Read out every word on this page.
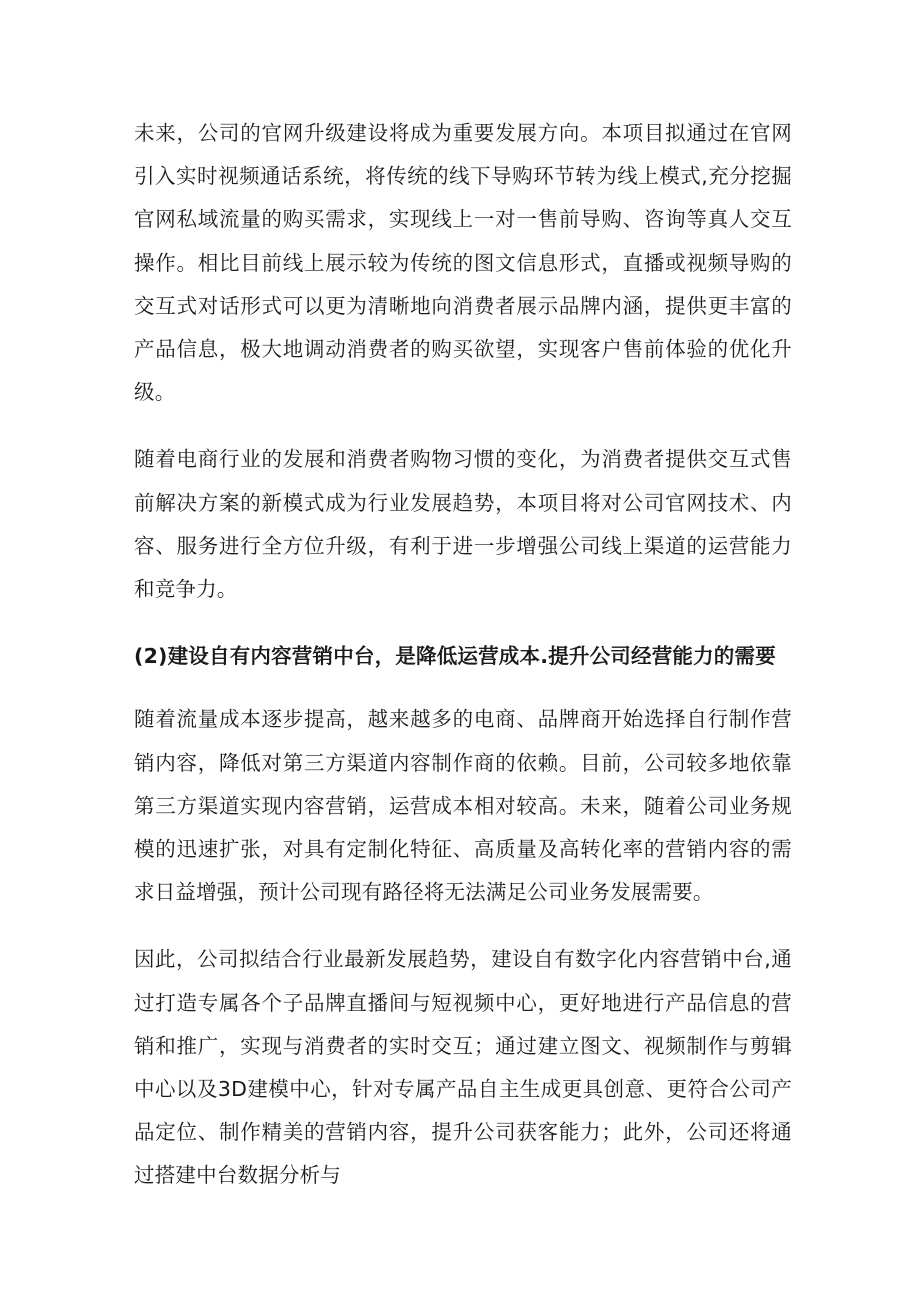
未来，公司的官网升级建设将成为重要发展方向。本项目拟通过在官网引入实时视频通话系统，将传统的线下导购环节转为线上模式,充分挖掘官网私域流量的购买需求，实现线上一对一售前导购、咨询等真人交互操作。相比目前线上展示较为传统的图文信息形式，直播或视频导购的交互式对话形式可以更为清晰地向消费者展示品牌内涵，提供更丰富的产品信息，极大地调动消费者的购买欲望，实现客户售前体验的优化升级。

随着电商行业的发展和消费者购物习惯的变化，为消费者提供交互式售前解决方案的新模式成为行业发展趋势，本项目将对公司官网技术、内容、服务进行全方位升级，有利于进一步增强公司线上渠道的运营能力和竞争力。

(2)建设自有内容营销中台，是降低运营成本.提升公司经营能力的需要

随着流量成本逐步提高，越来越多的电商、品牌商开始选择自行制作营销内容，降低对第三方渠道内容制作商的依赖。目前，公司较多地依靠第三方渠道实现内容营销，运营成本相对较高。未来，随着公司业务规模的迅速扩张，对具有定制化特征、高质量及高转化率的营销内容的需求日益增强，预计公司现有路径将无法满足公司业务发展需要。

因此，公司拟结合行业最新发展趋势，建设自有数字化内容营销中台,通过打造专属各个子品牌直播间与短视频中心，更好地进行产品信息的营销和推广，实现与消费者的实时交互；通过建立图文、视频制作与剪辑中心以及3D建模中心，针对专属产品自主生成更具创意、更符合公司产品定位、制作精美的营销内容，提升公司获客能力；此外，公司还将通过搭建中台数据分析与
